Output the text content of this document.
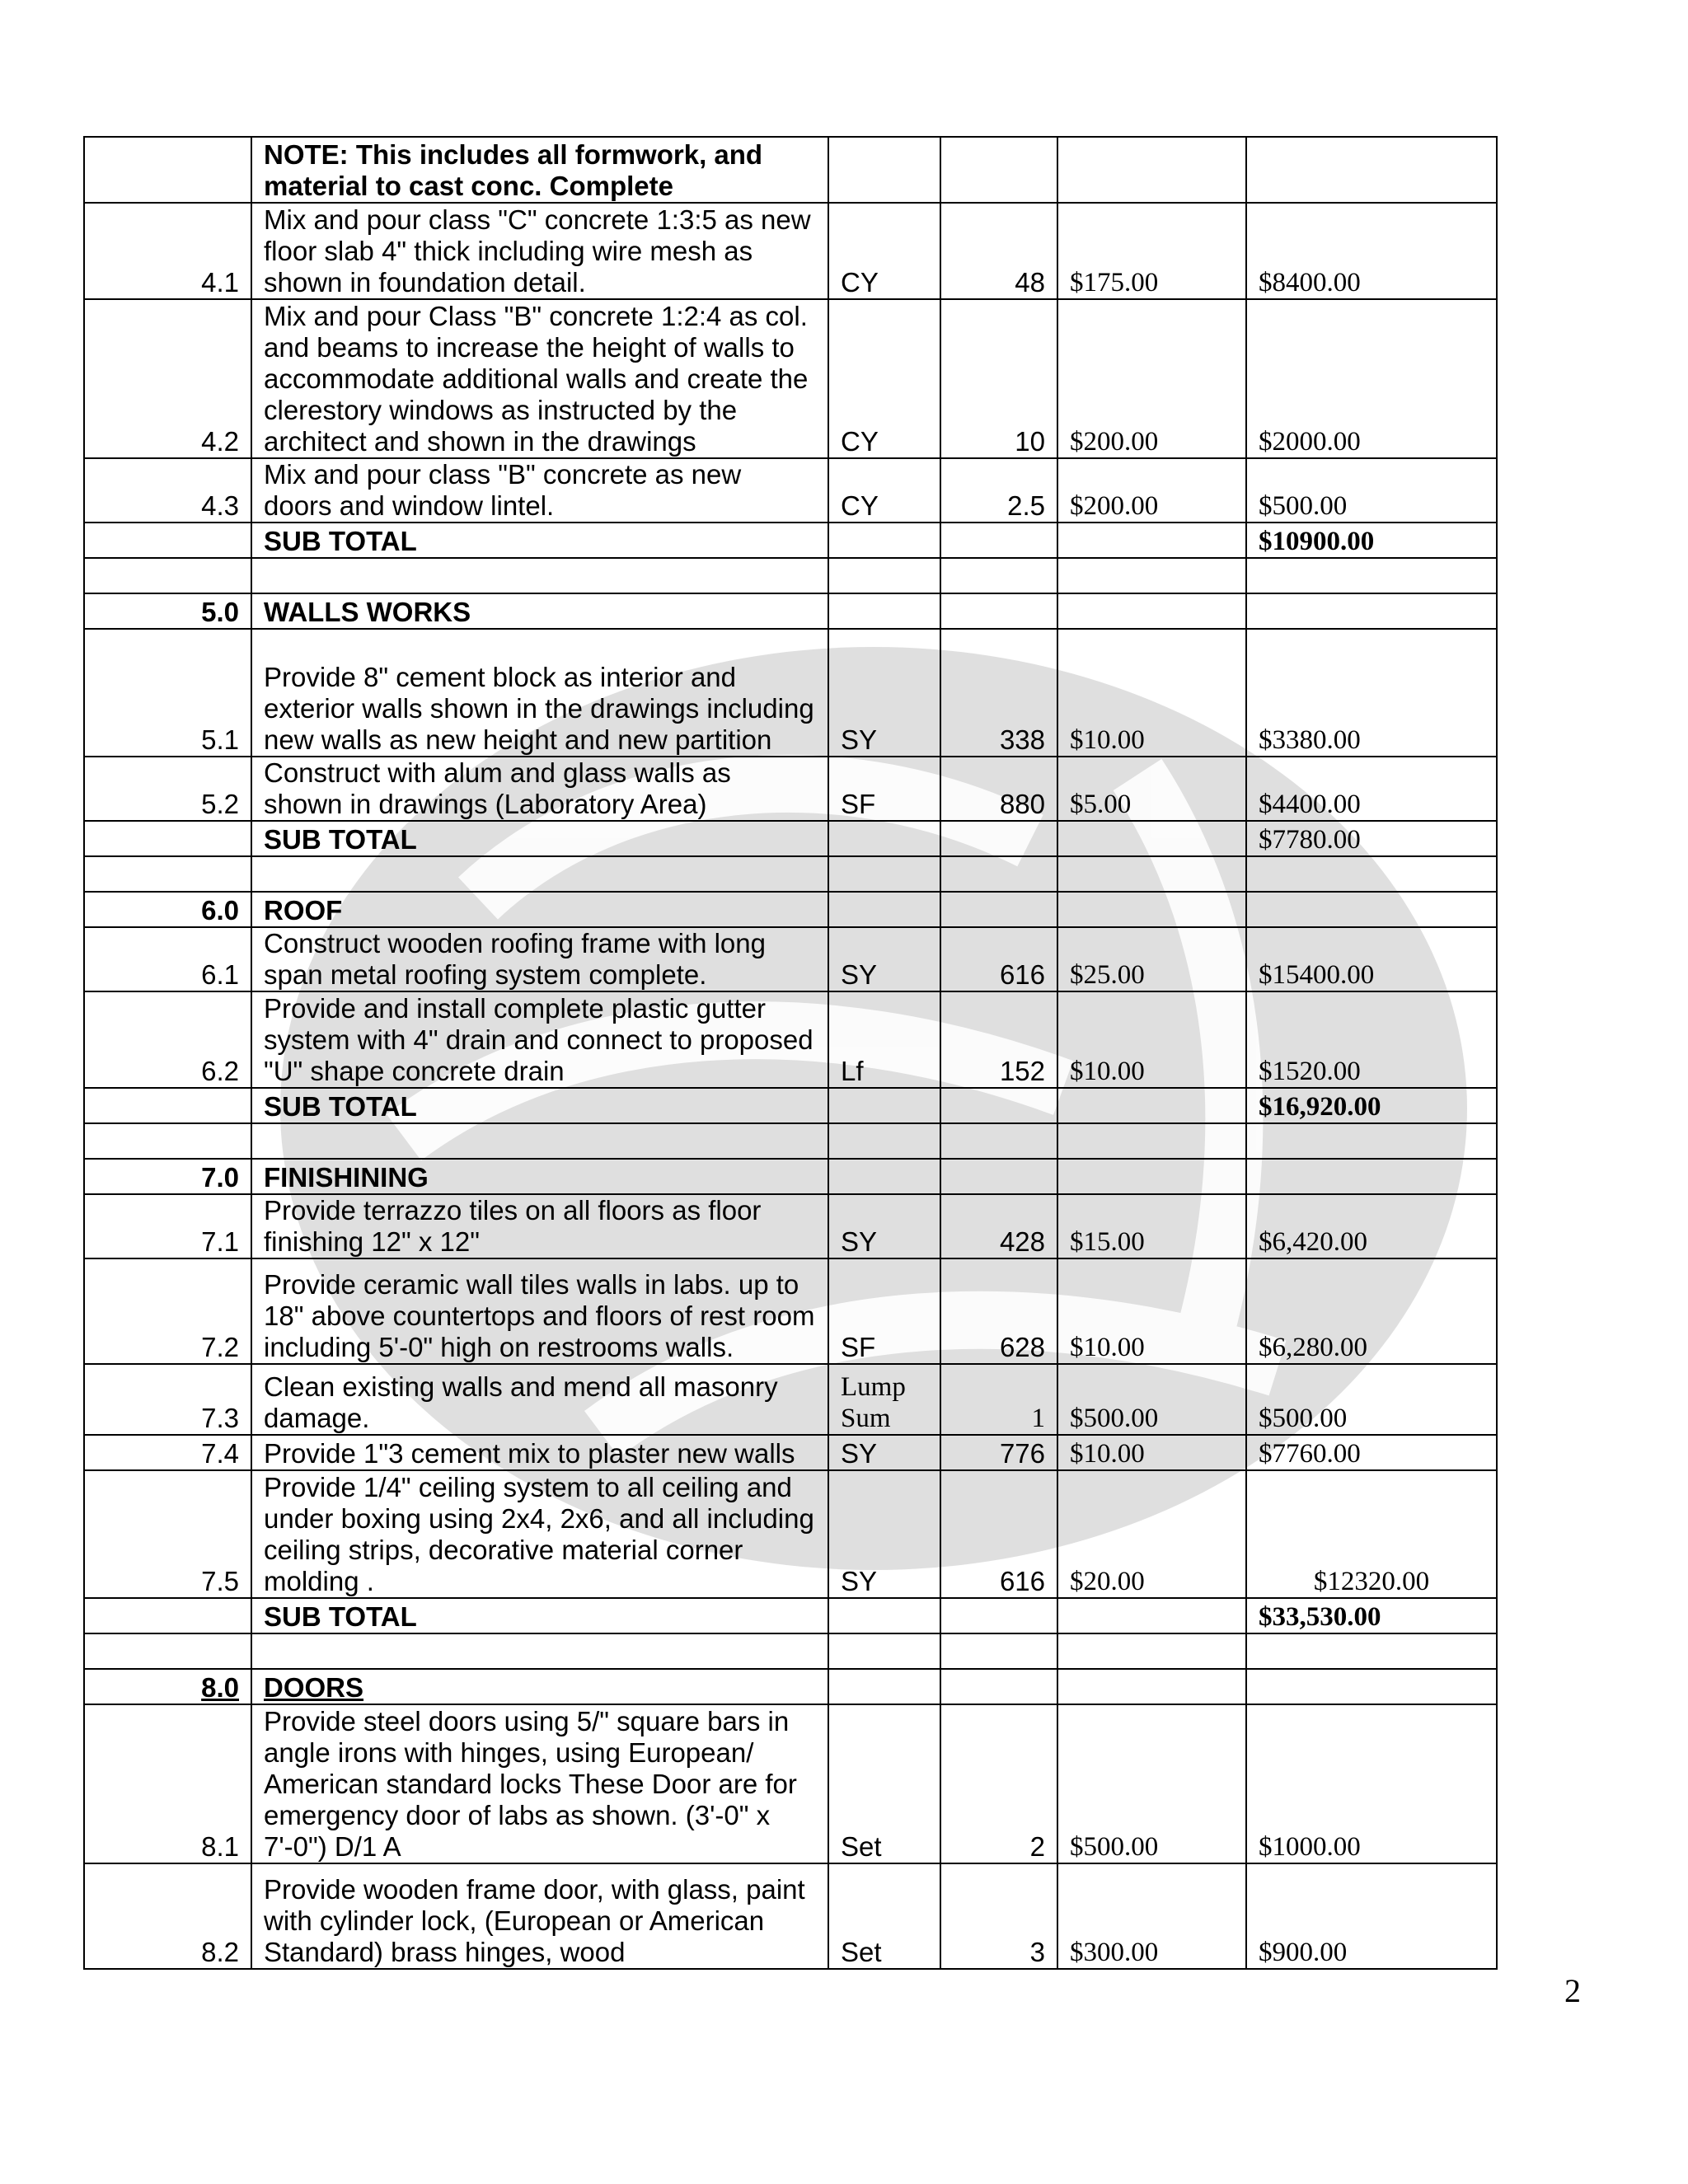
	NOTE: This includes all formwork, and material to cast conc. Complete				
4.1	Mix and pour class "C" concrete 1:3:5 as new floor slab 4" thick including wire mesh as shown in foundation detail.	CY	48	$175.00	$8400.00
4.2	Mix and pour Class "B" concrete 1:2:4 as col. and beams to increase the height of walls to accommodate additional walls and create the clerestory windows as instructed by the architect and shown in the drawings	CY	10	$200.00	$2000.00
4.3	Mix and pour class "B" concrete as new doors and window lintel.	CY	2.5	$200.00	$500.00
	SUB TOTAL				$10900.00

5.0	WALLS WORKS				
5.1	Provide 8" cement block as interior and exterior walls shown in the drawings including new walls as new height and new partition	SY	338	$10.00	$3380.00
5.2	Construct with alum and glass walls as shown in drawings (Laboratory Area)	SF	880	$5.00	$4400.00
	SUB TOTAL				$7780.00

6.0	ROOF				
6.1	Construct wooden roofing frame with long span metal roofing system complete.	SY	616	$25.00	$15400.00
6.2	Provide and install complete plastic gutter system with 4" drain and connect to proposed "U" shape concrete drain	Lf	152	$10.00	$1520.00
	SUB TOTAL				$16,920.00

7.0	FINISHINING				
7.1	Provide terrazzo tiles on all floors as floor finishing 12" x 12"	SY	428	$15.00	$6,420.00
7.2	Provide ceramic wall tiles walls in labs. up to 18" above countertops and floors of rest room including 5'-0" high on restrooms walls.	SF	628	$10.00	$6,280.00
7.3	Clean existing walls and mend all masonry damage.	Lump Sum	1	$500.00	$500.00
7.4	Provide 1"3 cement mix to plaster new walls	SY	776	$10.00	$7760.00
7.5	Provide 1/4" ceiling system to all ceiling and under boxing using 2x4, 2x6, and all including ceiling strips, decorative material corner molding .	SY	616	$20.00	$12320.00
	SUB TOTAL				$33,530.00

8.0	DOORS				
8.1	Provide steel doors using 5/" square bars in angle irons with hinges, using European/ American standard locks These Door are for emergency door of labs as shown. (3'-0" x 7'-0") D/1 A	Set	2	$500.00	$1000.00
8.2	Provide wooden frame door, with glass, paint with cylinder lock, (European or American Standard) brass hinges, wood	Set	3	$300.00	$900.00
2
